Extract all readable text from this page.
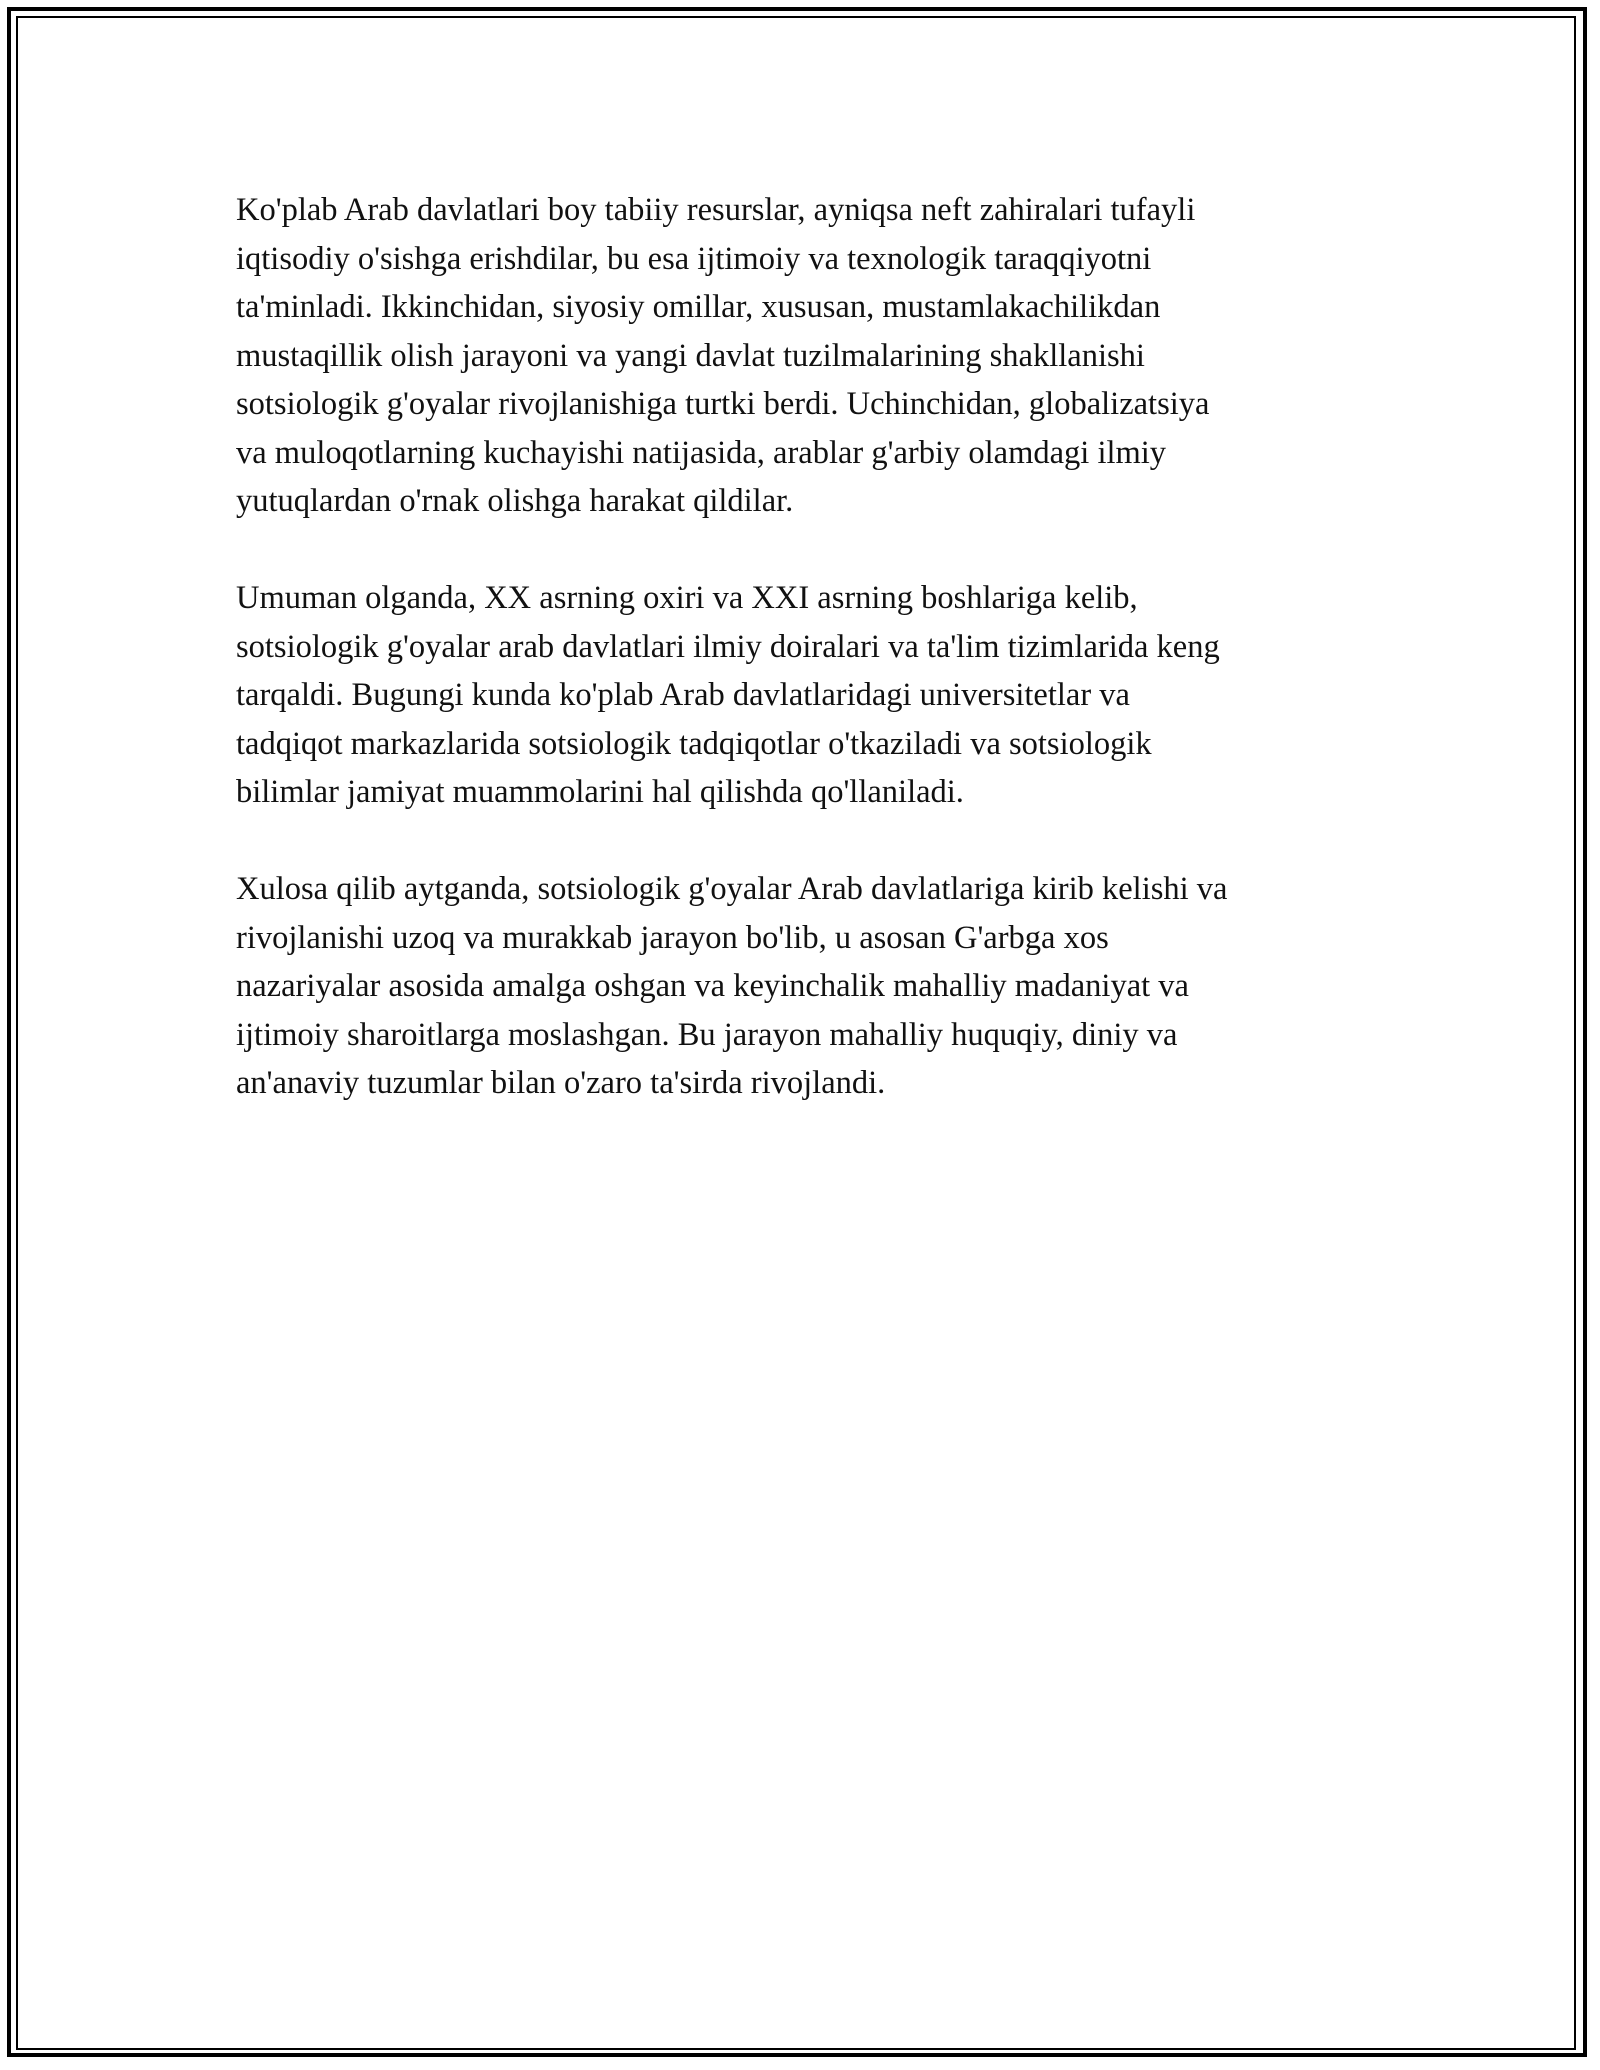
Ko'plab Arab davlatlari boy tabiiy resurslar, ayniqsa neft zahiralari tufayli
iqtisodiy o'sishga erishdilar, bu esa ijtimoiy va texnologik taraqqiyotni
ta'minladi. Ikkinchidan, siyosiy omillar, xususan, mustamlakachilikdan
mustaqillik olish jarayoni va yangi davlat tuzilmalarining shakllanishi
sotsiologik g'oyalar rivojlanishiga turtki berdi. Uchinchidan, globalizatsiya
va muloqotlarning kuchayishi natijasida, arablar g'arbiy olamdagi ilmiy
yutuqlardan o'rnak olishga harakat qildilar.

Umuman olganda, XX asrning oxiri va XXI asrning boshlariga kelib,
sotsiologik g'oyalar arab davlatlari ilmiy doiralari va ta'lim tizimlarida keng
tarqaldi. Bugungi kunda ko'plab Arab davlatlaridagi universitetlar va
tadqiqot markazlarida sotsiologik tadqiqotlar o'tkaziladi va sotsiologik
bilimlar jamiyat muammolarini hal qilishda qo'llaniladi.

Xulosa qilib aytganda, sotsiologik g'oyalar Arab davlatlariga kirib kelishi va
rivojlanishi uzoq va murakkab jarayon bo'lib, u asosan G'arbga xos
nazariyalar asosida amalga oshgan va keyinchalik mahalliy madaniyat va
ijtimoiy sharoitlarga moslashgan. Bu jarayon mahalliy huquqiy, diniy va
an'anaviy tuzumlar bilan o'zaro ta'sirda rivojlandi.
